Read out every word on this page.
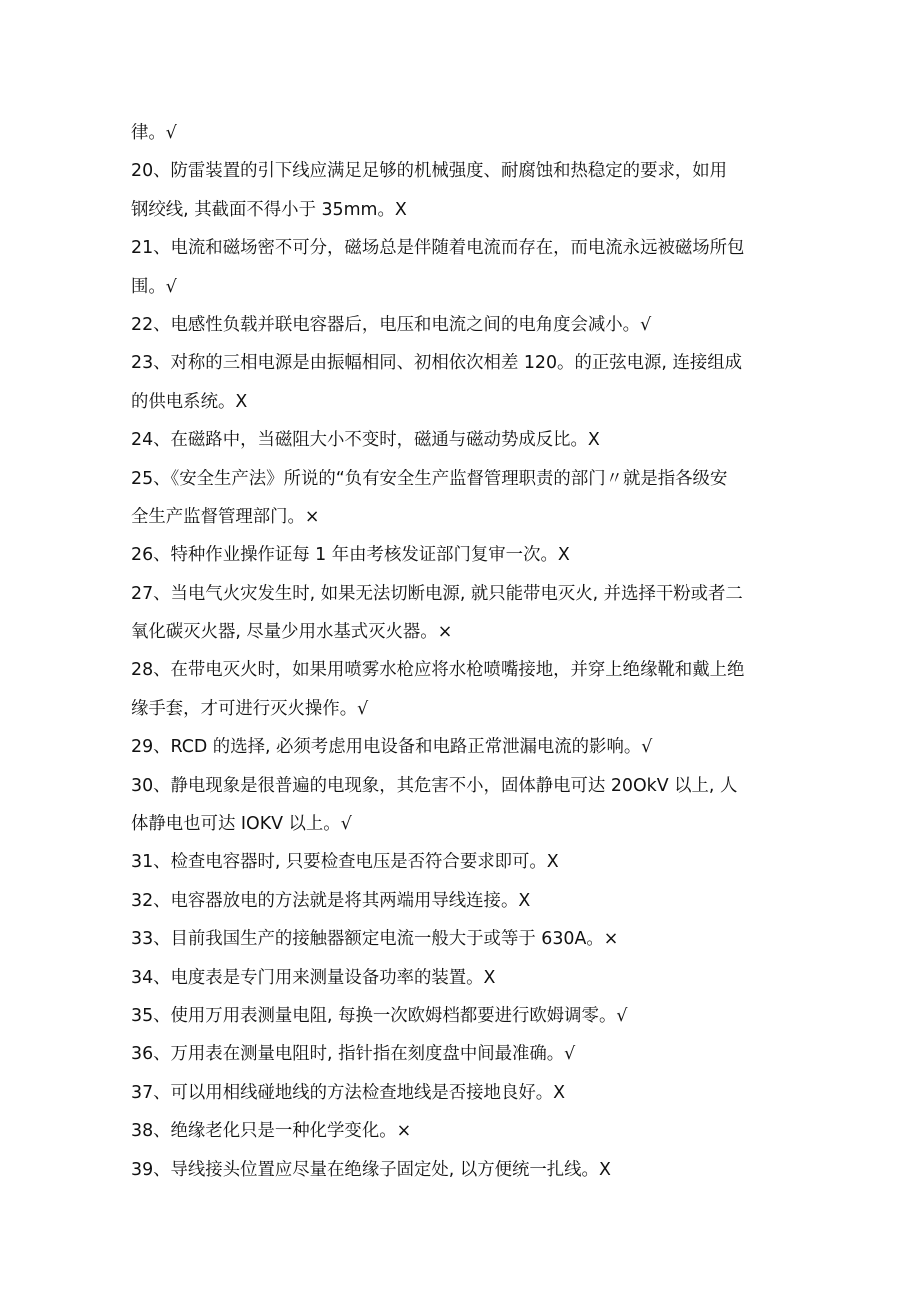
律。√
20、防雷装置的引下线应满足足够的机械强度、耐腐蚀和热稳定的要求，如用
钢绞线, 其截面不得小于 35mm。X
21、电流和磁场密不可分，磁场总是伴随着电流而存在，而电流永远被磁场所包
围。√
22、电感性负载并联电容器后，电压和电流之间的电角度会减小。√
23、对称的三相电源是由振幅相同、初相依次相差 120。的正弦电源, 连接组成
的供电系统。X
24、在磁路中，当磁阻大小不变时，磁通与磁动势成反比。X
25、《安全生产法》所说的“负有安全生产监督管理职责的部门〃就是指各级安
全生产监督管理部门。×
26、特种作业操作证每 1 年由考核发证部门复审一次。X
27、当电气火灾发生时, 如果无法切断电源, 就只能带电灭火, 并选择干粉或者二
氧化碳灭火器, 尽量少用水基式灭火器。×
28、在带电灭火时，如果用喷雾水枪应将水枪喷嘴接地，并穿上绝缘靴和戴上绝
缘手套，才可进行灭火操作。√
29、RCD 的选择, 必须考虑用电设备和电路正常泄漏电流的影响。√
30、静电现象是很普遍的电现象，其危害不小，固体静电可达 20OkV 以上, 人
体静电也可达 IOKV 以上。√
31、检查电容器时, 只要检查电压是否符合要求即可。X
32、电容器放电的方法就是将其两端用导线连接。X
33、目前我国生产的接触器额定电流一般大于或等于 630A。×
34、电度表是专门用来测量设备功率的装置。X
35、使用万用表测量电阻, 每换一次欧姆档都要进行欧姆调零。√
36、万用表在测量电阻时, 指针指在刻度盘中间最准确。√
37、可以用相线碰地线的方法检查地线是否接地良好。X
38、绝缘老化只是一种化学变化。×
39、导线接头位置应尽量在绝缘子固定处, 以方便统一扎线。X
